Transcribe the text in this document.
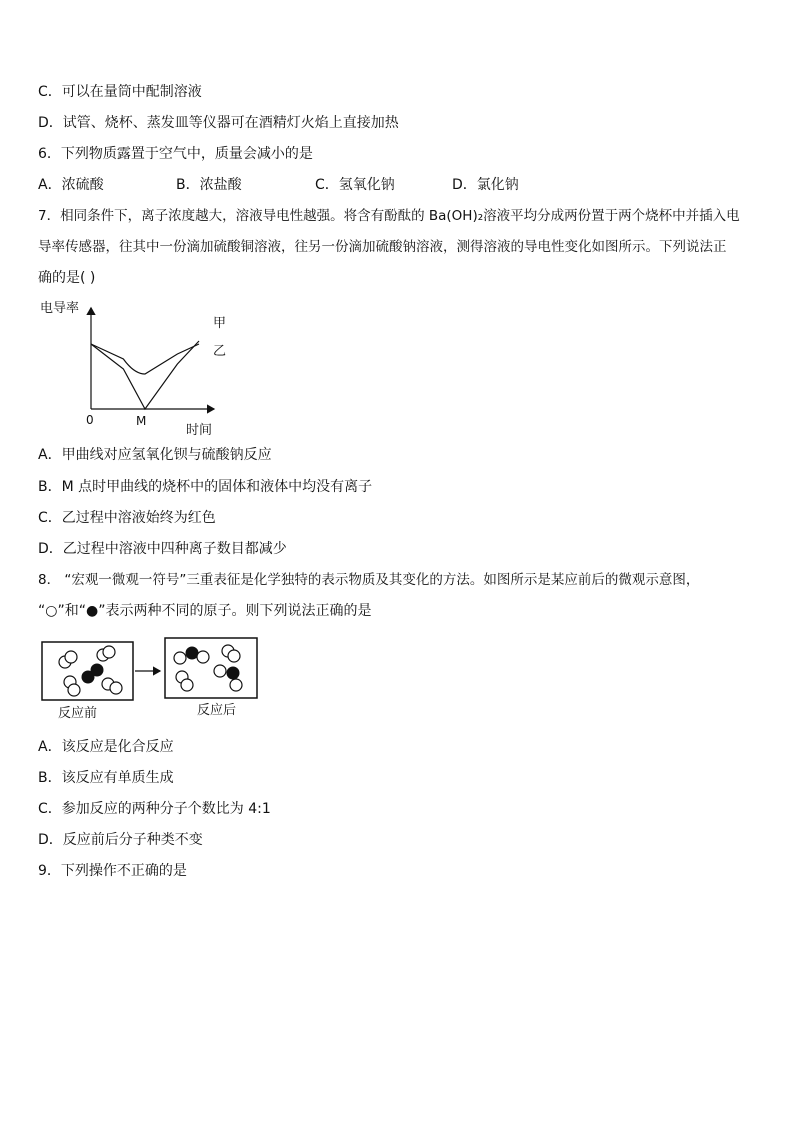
C．可以在量筒中配制溶液
D．试管、烧杯、蒸发皿等仪器可在酒精灯火焰上直接加热
6．下列物质露置于空气中，质量会减小的是
A．浓硫酸	B．浓盐酸	C．氢氧化钠	D．氯化钠
7．相同条件下，离子浓度越大，溶液导电性越强。将含有酚酞的 Ba(OH)₂溶液平均分成两份置于两个烧杯中并插入电
导率传感器，往其中一份滴加硫酸铜溶液，往另一份滴加硫酸钠溶液，测得溶液的导电性变化如图所示。下列说法正
确的是( )
电导率
0	M
时间
甲
乙
A．甲曲线对应氢氧化钡与硫酸钠反应
B．M 点时甲曲线的烧杯中的固体和液体中均没有离子
C．乙过程中溶液始终为红色
D．乙过程中溶液中四种离子数目都减少
8． “宏观一微观一符号”三重表征是化学独特的表示物质及其变化的方法。如图所示是某应前后的微观示意图，
“○”和“●”表示两种不同的原子。则下列说法正确的是
反应前	反应后
A．该反应是化合反应
B．该反应有单质生成
C．参加反应的两种分子个数比为 4:1
D．反应前后分子种类不变
9．下列操作不正确的是
